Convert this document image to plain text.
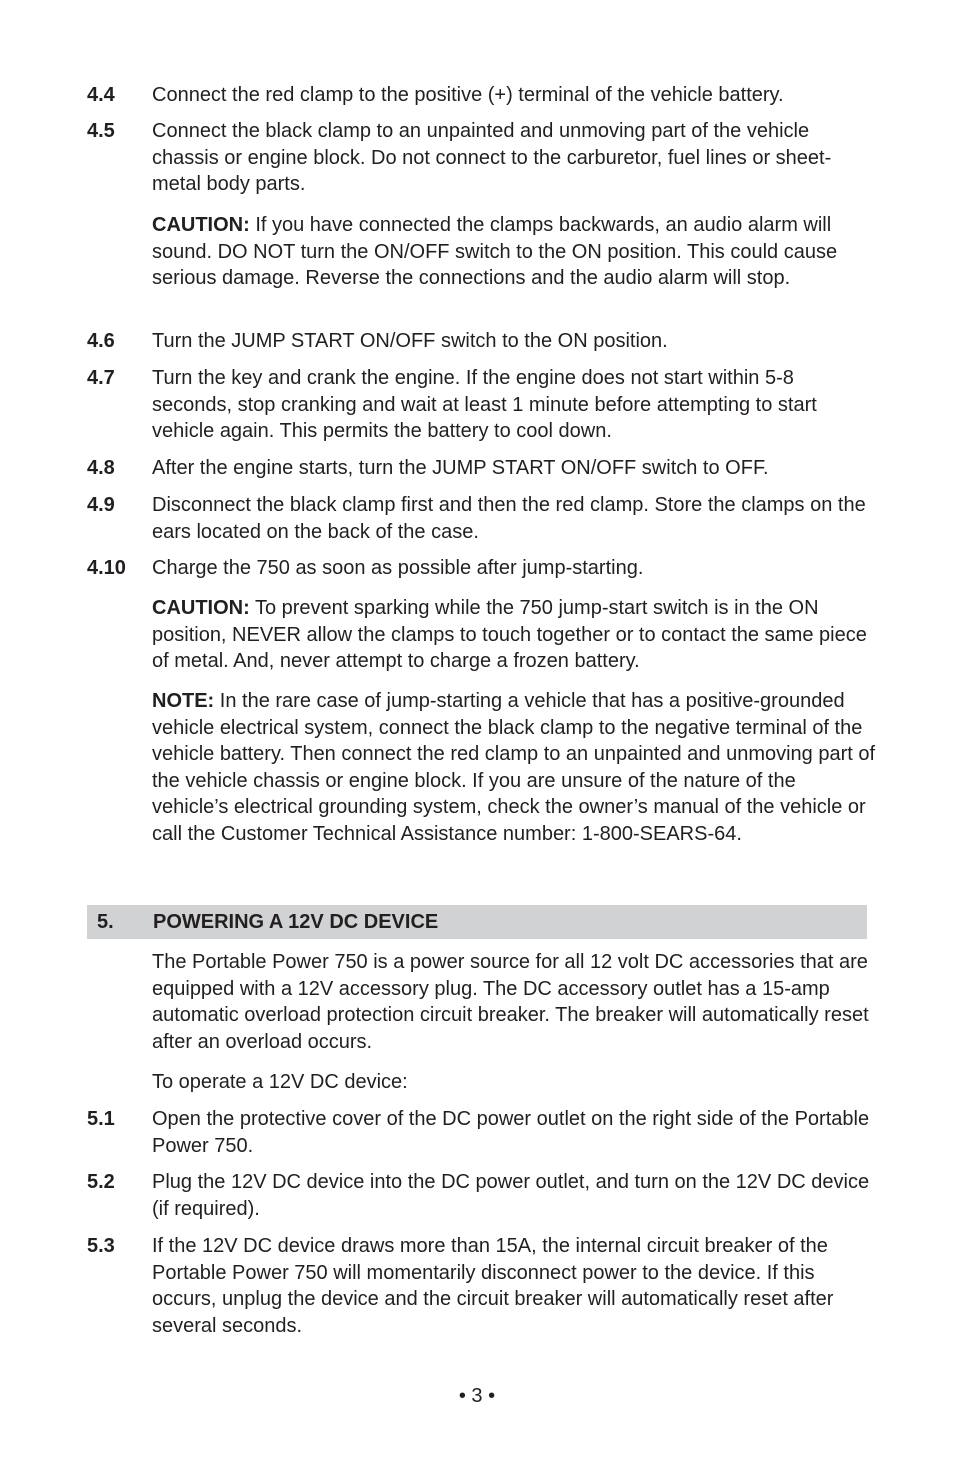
4.4	Connect the red clamp to the positive (+) terminal of the vehicle battery.
4.5	Connect the black clamp to an unpainted and unmoving part of the vehicle chassis or engine block. Do not connect to the carburetor, fuel lines or sheet-metal body parts.
CAUTION: If you have connected the clamps backwards, an audio alarm will sound. DO NOT turn the ON/OFF switch to the ON position. This could cause serious damage. Reverse the connections and the audio alarm will stop.
4.6	Turn the JUMP START ON/OFF switch to the ON position.
4.7	Turn the key and crank the engine. If the engine does not start within 5-8 seconds, stop cranking and wait at least 1 minute before attempting to start vehicle again. This permits the battery to cool down.
4.8	After the engine starts, turn the JUMP START ON/OFF switch to OFF.
4.9	Disconnect the black clamp first and then the red clamp. Store the clamps on the ears located on the back of the case.
4.10	Charge the 750 as soon as possible after jump-starting.
CAUTION: To prevent sparking while the 750 jump-start switch is in the ON position, NEVER allow the clamps to touch together or to contact the same piece of metal. And, never attempt to charge a frozen battery.
NOTE: In the rare case of jump-starting a vehicle that has a positive-grounded vehicle electrical system, connect the black clamp to the negative terminal of the vehicle battery. Then connect the red clamp to an unpainted and unmoving part of the vehicle chassis or engine block. If you are unsure of the nature of the vehicle’s electrical grounding system, check the owner’s manual of the vehicle or call the Customer Technical Assistance number: 1-800-SEARS-64.
5.	POWERING A 12V DC DEVICE
The Portable Power 750 is a power source for all 12 volt DC accessories that are equipped with a 12V accessory plug. The DC accessory outlet has a 15-amp automatic overload protection circuit breaker. The breaker will automatically reset after an overload occurs.
To operate a 12V DC device:
5.1	Open the protective cover of the DC power outlet on the right side of the Portable Power 750.
5.2	Plug the 12V DC device into the DC power outlet, and turn on the 12V DC device (if required).
5.3	If the 12V DC device draws more than 15A, the internal circuit breaker of the Portable Power 750 will momentarily disconnect power to the device. If this occurs, unplug the device and the circuit breaker will automatically reset after several seconds.
• 3 •
